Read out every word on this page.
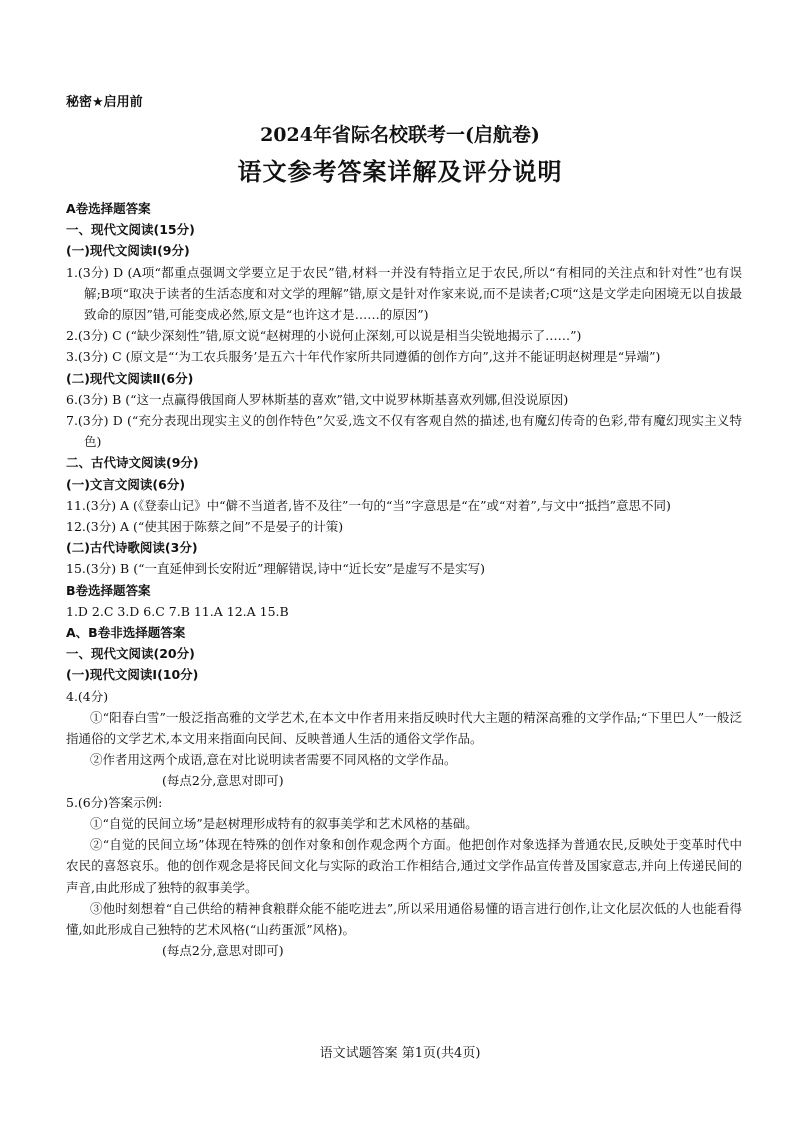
秘密★启用前
2024年省际名校联考一(启航卷)
语文参考答案详解及评分说明
A卷选择题答案
一、现代文阅读(15分)
(一)现代文阅读Ⅰ(9分)
1.(3分) D (A项“都重点强调文学要立足于农民”错,材料一并没有特指立足于农民,所以“有相同的关注点和针对性”也有误解;B项“取决于读者的生活态度和对文学的理解”错,原文是针对作家来说,而不是读者;C项“这是文学走向困境无以自拔最致命的原因”错,可能变成必然,原文是“也许这才是……的原因”)
2.(3分) C (“缺少深刻性”错,原文说“赵树理的小说何止深刻,可以说是相当尖锐地揭示了……”)
3.(3分) C (原文是“‘为工农兵服务’是五六十年代作家所共同遵循的创作方向”,这并不能证明赵树理是“异端”)
(二)现代文阅读Ⅱ(6分)
6.(3分) B (“这一点赢得俄国商人罗林斯基的喜欢”错,文中说罗林斯基喜欢列娜,但没说原因)
7.(3分) D (“充分表现出现实主义的创作特色”欠妥,选文不仅有客观自然的描述,也有魔幻传奇的色彩,带有魔幻现实主义特色)
二、古代诗文阅读(9分)
(一)文言文阅读(6分)
11.(3分) A (《登泰山记》中“僻不当道者,皆不及往”一句的“当”字意思是“在”或“对着”,与文中“抵挡”意思不同)
12.(3分) A (“使其困于陈蔡之间”不是晏子的计策)
(二)古代诗歌阅读(3分)
15.(3分) B (“一直延伸到长安附近”理解错误,诗中“近长安”是虚写不是实写)
B卷选择题答案
1.D 2.C 3.D 6.C 7.B 11.A 12.A 15.B
A、B卷非选择题答案
一、现代文阅读(20分)
(一)现代文阅读Ⅰ(10分)
4.(4分)
①“阳春白雪”一般泛指高雅的文学艺术,在本文中作者用来指反映时代大主题的精深高雅的文学作品;“下里巴人”一般泛指通俗的文学艺术,本文用来指面向民间、反映普通人生活的通俗文学作品。
②作者用这两个成语,意在对比说明读者需要不同风格的文学作品。
(每点2分,意思对即可)
5.(6分)答案示例:
①“自觉的民间立场”是赵树理形成特有的叙事美学和艺术风格的基础。
②“自觉的民间立场”体现在特殊的创作对象和创作观念两个方面。他把创作对象选择为普通农民,反映处于变革时代中农民的喜怒哀乐。他的创作观念是将民间文化与实际的政治工作相结合,通过文学作品宣传普及国家意志,并向上传递民间的声音,由此形成了独特的叙事美学。
③他时刻想着“自己供给的精神食粮群众能不能吃进去”,所以采用通俗易懂的语言进行创作,让文化层次低的人也能看得懂,如此形成自己独特的艺术风格(“山药蛋派”风格)。
(每点2分,意思对即可)
语文试题答案 第1页(共4页)
